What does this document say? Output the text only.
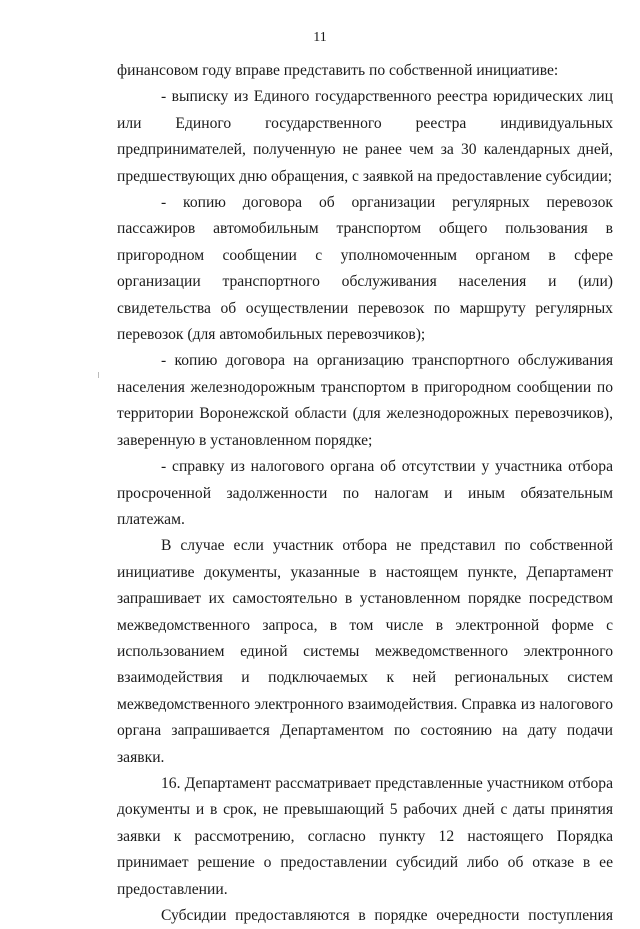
11

финансовом году вправе представить по собственной инициативе:

- выписку из Единого государственного реестра юридических лиц или Единого государственного реестра индивидуальных предпринимателей, полученную не ранее чем за 30 календарных дней, предшествующих дню обращения, с заявкой на предоставление субсидии;

- копию договора об организации регулярных перевозок пассажиров автомобильным транспортом общего пользования в пригородном сообщении с уполномоченным органом в сфере организации транспортного обслуживания населения и (или) свидетельства об осуществлении перевозок по маршруту регулярных перевозок (для автомобильных перевозчиков);

- копию договора на организацию транспортного обслуживания населения железнодорожным транспортом в пригородном сообщении по территории Воронежской области (для железнодорожных перевозчиков), заверенную в установленном порядке;

- справку из налогового органа об отсутствии у участника отбора просроченной задолженности по налогам и иным обязательным платежам.

В случае если участник отбора не представил по собственной инициативе документы, указанные в настоящем пункте, Департамент запрашивает их самостоятельно в установленном порядке посредством межведомственного запроса, в том числе в электронной форме с использованием единой системы межведомственного электронного взаимодействия и подключаемых к ней региональных систем межведомственного электронного взаимодействия. Справка из налогового органа запрашивается Департаментом по состоянию на дату подачи заявки.

16. Департамент рассматривает представленные участником отбора документы и в срок, не превышающий 5 рабочих дней с даты принятия заявки к рассмотрению, согласно пункту 12 настоящего Порядка принимает решение о предоставлении субсидий либо об отказе в ее предоставлении.

Субсидии предоставляются в порядке очередности поступления
